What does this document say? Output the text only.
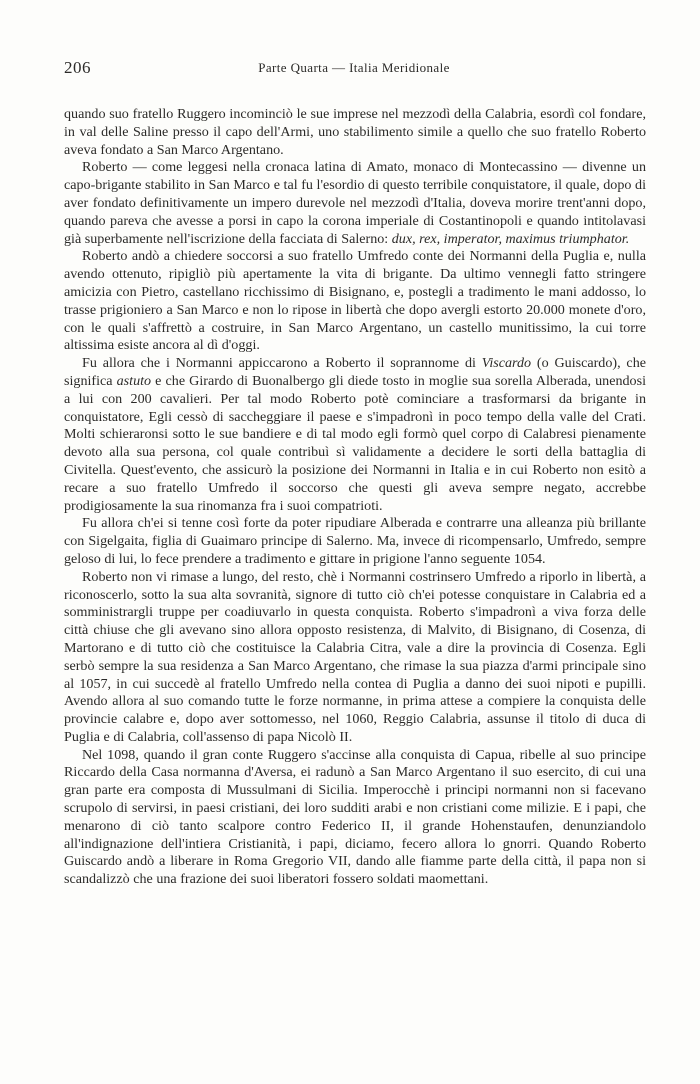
206	Parte Quarta — Italia Meridionale

quando suo fratello Ruggero incominciò le sue imprese nel mezzodì della Calabria, esordì col fondare, in val delle Saline presso il capo dell'Armi, uno stabilimento simile a quello che suo fratello Roberto aveva fondato a San Marco Argentano.

Roberto — come leggesi nella cronaca latina di Amato, monaco di Montecassino — divenne un capo-brigante stabilito in San Marco e tal fu l'esordio di questo terribile conquistatore, il quale, dopo di aver fondato definitivamente un impero durevole nel mezzodì d'Italia, doveva morire trent'anni dopo, quando pareva che avesse a porsi in capo la corona imperiale di Costantinopoli e quando intitolavasi già superbamente nell'iscrizione della facciata di Salerno: dux, rex, imperator, maximus triumphator.

Roberto andò a chiedere soccorsi a suo fratello Umfredo conte dei Normanni della Puglia e, nulla avendo ottenuto, ripigliò più apertamente la vita di brigante. Da ultimo vennegli fatto stringere amicizia con Pietro, castellano ricchissimo di Bisignano, e, postegli a tradimento le mani addosso, lo trasse prigioniero a San Marco e non lo ripose in libertà che dopo avergli estorto 20.000 monete d'oro, con le quali s'affrettò a costruire, in San Marco Argentano, un castello munitissimo, la cui torre altissima esiste ancora al dì d'oggi.

Fu allora che i Normanni appiccarono a Roberto il soprannome di Viscardo (o Guiscardo), che significa astuto e che Girardo di Buonalbergo gli diede tosto in moglie sua sorella Alberada, unendosi a lui con 200 cavalieri. Per tal modo Roberto potè cominciare a trasformarsi da brigante in conquistatore, Egli cessò di saccheggiare il paese e s'impadronì in poco tempo della valle del Crati. Molti schieraronsi sotto le sue bandiere e di tal modo egli formò quel corpo di Calabresi pienamente devoto alla sua persona, col quale contribuì sì validamente a decidere le sorti della battaglia di Civitella. Quest'evento, che assicurò la posizione dei Normanni in Italia e in cui Roberto non esitò a recare a suo fratello Umfredo il soccorso che questi gli aveva sempre negato, accrebbe prodigiosamente la sua rinomanza fra i suoi compatrioti.

Fu allora ch'ei si tenne così forte da poter ripudiare Alberada e contrarre una alleanza più brillante con Sigelgaita, figlia di Guaimaro principe di Salerno. Ma, invece di ricompensarlo, Umfredo, sempre geloso di lui, lo fece prendere a tradimento e gittare in prigione l'anno seguente 1054.

Roberto non vi rimase a lungo, del resto, chè i Normanni costrinsero Umfredo a riporlo in libertà, a riconoscerlo, sotto la sua alta sovranità, signore di tutto ciò ch'ei potesse conquistare in Calabria ed a somministrargli truppe per coadiuvarlo in questa conquista. Roberto s'impadronì a viva forza delle città chiuse che gli avevano sino allora opposto resistenza, di Malvito, di Bisignano, di Cosenza, di Martorano e di tutto ciò che costituisce la Calabria Citra, vale a dire la provincia di Cosenza. Egli serbò sempre la sua residenza a San Marco Argentano, che rimase la sua piazza d'armi principale sino al 1057, in cui succedè al fratello Umfredo nella contea di Puglia a danno dei suoi nipoti e pupilli. Avendo allora al suo comando tutte le forze normanne, in prima attese a compiere la conquista delle provincie calabre e, dopo aver sottomesso, nel 1060, Reggio Calabria, assunse il titolo di duca di Puglia e di Calabria, coll'assenso di papa Nicolò II.

Nel 1098, quando il gran conte Ruggero s'accinse alla conquista di Capua, ribelle al suo principe Riccardo della Casa normanna d'Aversa, ei radunò a San Marco Argentano il suo esercito, di cui una gran parte era composta di Mussulmani di Sicilia. Imperocchè i principi normanni non si facevano scrupolo di servirsi, in paesi cristiani, dei loro sudditi arabi e non cristiani come milizie. E i papi, che menarono di ciò tanto scalpore contro Federico II, il grande Hohenstaufen, denunziandolo all'indignazione dell'intiera Cristianità, i papi, diciamo, fecero allora lo gnorri. Quando Roberto Guiscardo andò a liberare in Roma Gregorio VII, dando alle fiamme parte della città, il papa non si scandalizzò che una frazione dei suoi liberatori fossero soldati maomettani.
